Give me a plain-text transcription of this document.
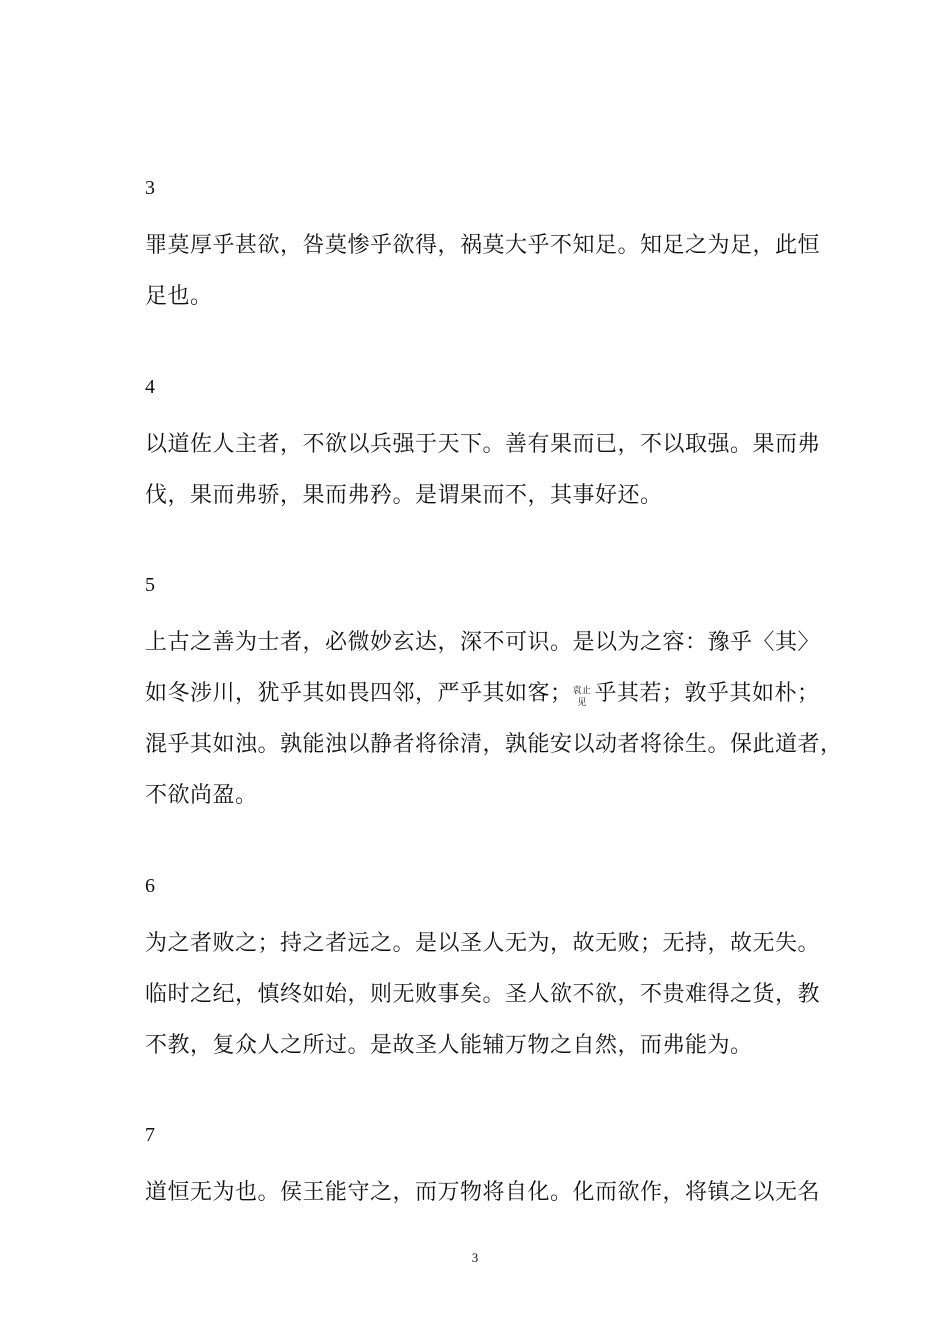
3
罪莫厚乎甚欲，咎莫惨乎欲得，祸莫大乎不知足。知足之为足，此恒
足也。
4
以道佐人主者，不欲以兵强于天下。善有果而已，不以取强。果而弗
伐，果而弗骄，果而弗矜。是谓果而不，其事好还。
5
上古之善为士者，必微妙玄达，深不可识。是以为之容：豫乎〈其〉
如冬涉川，犹乎其如畏四邻，严乎其如客； 袁止
见 乎其若；敦乎其如朴；
混乎其如浊。孰能浊以静者将徐清，孰能安以动者将徐生。保此道者，
不欲尚盈。
6
为之者败之；持之者远之。是以圣人无为，故无败；无持，故无失。
临时之纪，慎终如始，则无败事矣。圣人欲不欲，不贵难得之货，教
不教，复众人之所过。是故圣人能辅万物之自然，而弗能为。
7
道恒无为也。侯王能守之，而万物将自化。化而欲作，将镇之以无名
3
